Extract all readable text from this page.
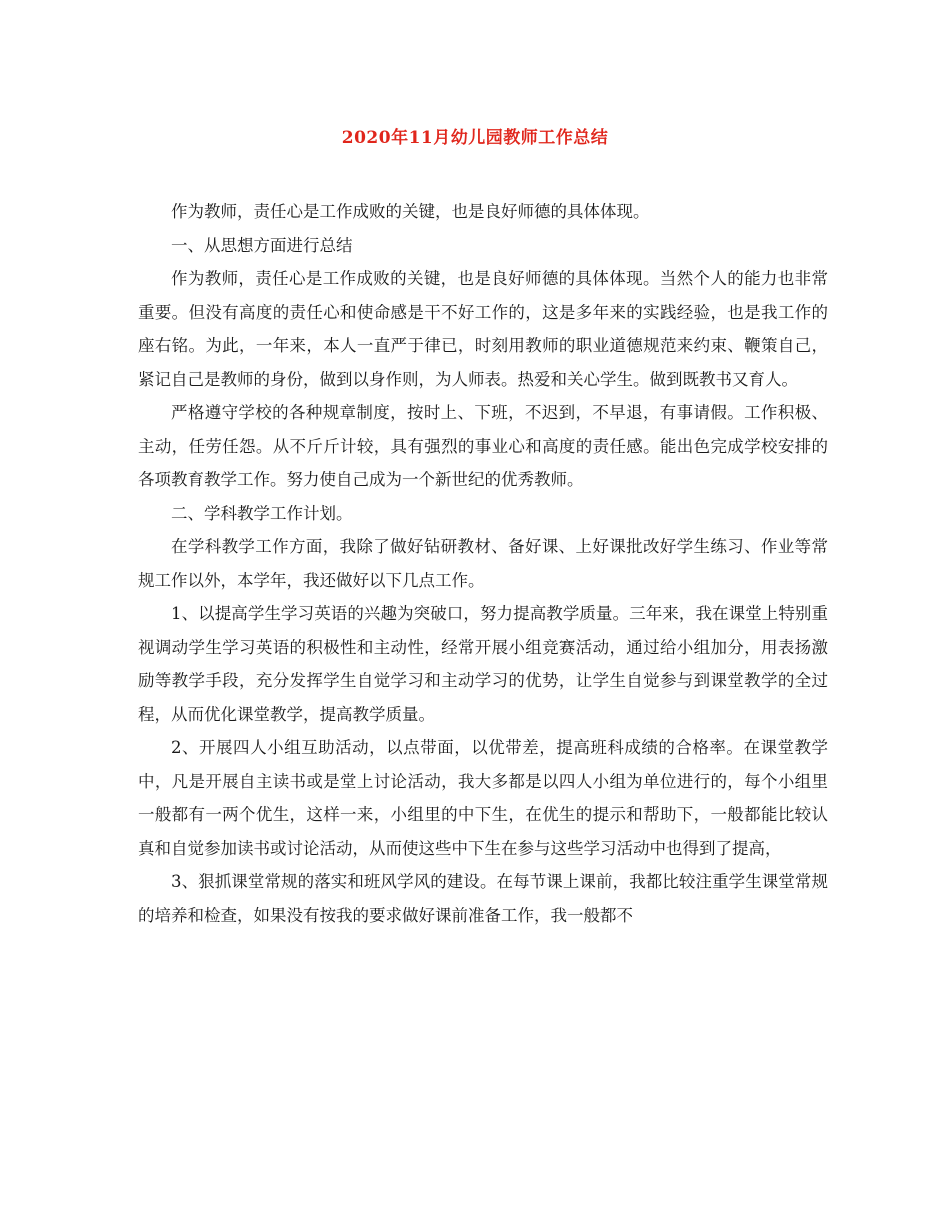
2020年11月幼儿园教师工作总结

作为教师，责任心是工作成败的关键，也是良好师德的具体体现。

一、从思想方面进行总结

作为教师，责任心是工作成败的关键，也是良好师德的具体体现。当然个人的能力也非常重要。但没有高度的责任心和使命感是干不好工作的，这是多年来的实践经验，也是我工作的座右铭。为此，一年来，本人一直严于律已，时刻用教师的职业道德规范来约束、鞭策自己，紧记自己是教师的身份，做到以身作则，为人师表。热爱和关心学生。做到既教书又育人。

严格遵守学校的各种规章制度，按时上、下班，不迟到，不早退，有事请假。工作积极、主动，任劳任怨。从不斤斤计较，具有强烈的事业心和高度的责任感。能出色完成学校安排的各项教育教学工作。努力使自己成为一个新世纪的优秀教师。

二、学科教学工作计划。

在学科教学工作方面，我除了做好钻研教材、备好课、上好课批改好学生练习、作业等常规工作以外，本学年，我还做好以下几点工作。

1、以提高学生学习英语的兴趣为突破口，努力提高教学质量。三年来，我在课堂上特别重视调动学生学习英语的积极性和主动性，经常开展小组竞赛活动，通过给小组加分，用表扬激励等教学手段，充分发挥学生自觉学习和主动学习的优势，让学生自觉参与到课堂教学的全过程，从而优化课堂教学，提高教学质量。

2、开展四人小组互助活动，以点带面，以优带差，提高班科成绩的合格率。在课堂教学中，凡是开展自主读书或是堂上讨论活动，我大多都是以四人小组为单位进行的，每个小组里一般都有一两个优生，这样一来，小组里的中下生，在优生的提示和帮助下，一般都能比较认真和自觉参加读书或讨论活动，从而使这些中下生在参与这些学习活动中也得到了提高，

3、狠抓课堂常规的落实和班风学风的建设。在每节课上课前，我都比较注重学生课堂常规的培养和检查，如果没有按我的要求做好课前准备工作，我一般都不
